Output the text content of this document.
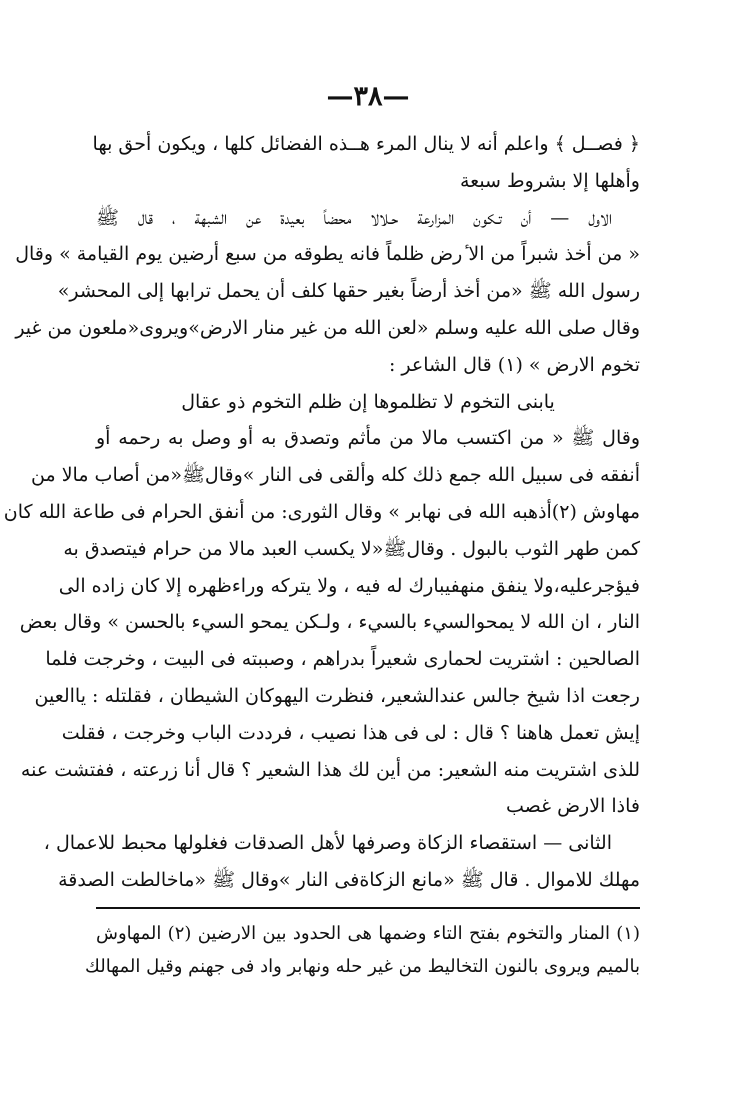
—٣٨—
﴿ فصــل ﴾ واعلم أنه لا ينال المرء هــذه الفضائل كلها ، ويكون أحق بها
وأهلها إلا بشروط سبعة
الاول — أن تـكون المزارعة حـلالا محضاً بعيدة عن الشبهة ، قال ﷺ
« من أخذ شبراً من الا ٔرض ظلماً فانه يطوقه من سبع أرضين يوم القيامة » وقال
رسول الله ﷺ «من أخذ أرضاً بغير حقها كلف أن يحمل ترابها إلى المحشر»
وقال صلى الله عليه وسلم «لعن الله من غير منار الارض»ويروى«ملعون من غير
تخوم الارض » (١) قال الشاعر :
يابنى التخوم لا تظلموها إن ظلم التخوم ذو عقال
وقال ﷺ « من اكتسب مالا من مأثم وتصدق به أو وصل به رحمه أو
أنفقه فى سبيل الله جمع ذلك كله وألقى فى النار »وقالﷺ«من أصاب مالا من
مهاوش (٢)أذهبه الله فى نهابر » وقال الثورى: من أنفق الحرام فى طاعة الله كان
كمن طهر الثوب بالبول . وقالﷺ«لا يكسب العبد مالا من حرام فيتصدق به
فيؤجرعليه،ولا ينفق منهفيبارك له فيه ، ولا يتركه وراءظهره إلا كان زاده الى
النار ، ان الله لا يمحوالسيء بالسيء ، ولـكن يمحو السيء بالحسن » وقال بعض
الصالحين : اشتريت لحمارى شعيراً بدراهم ، وصببته فى البيت ، وخرجت فلما
رجعت اذا شيخ جالس عندالشعير، فنظرت اليهوكان الشيطان ، فقلتله : ياالعين
إيش تعمل هاهنا ؟ قال : لى فى هذا نصيب ، فرددت الباب وخرجت ، فقلت
للذى اشتريت منه الشعير: من أين لك هذا الشعير ؟ قال أنا زرعته ، ففتشت عنه
فاذا الارض غصب
الثانى — استقصاء الزكاة وصرفها لأهل الصدقات فغلولها محبط للاعمال ،
مهلك للاموال . قال ﷺ «مانع الزكاةفى النار »وقال ﷺ «ماخالطت الصدقة
(١) المنار والتخوم بفتح التاء وضمها هى الحدود بين الارضين (٢) المهاوش
بالميم ويروى بالنون التخاليط من غير حله ونهابر واد فى جهنم وقيل المهالك
